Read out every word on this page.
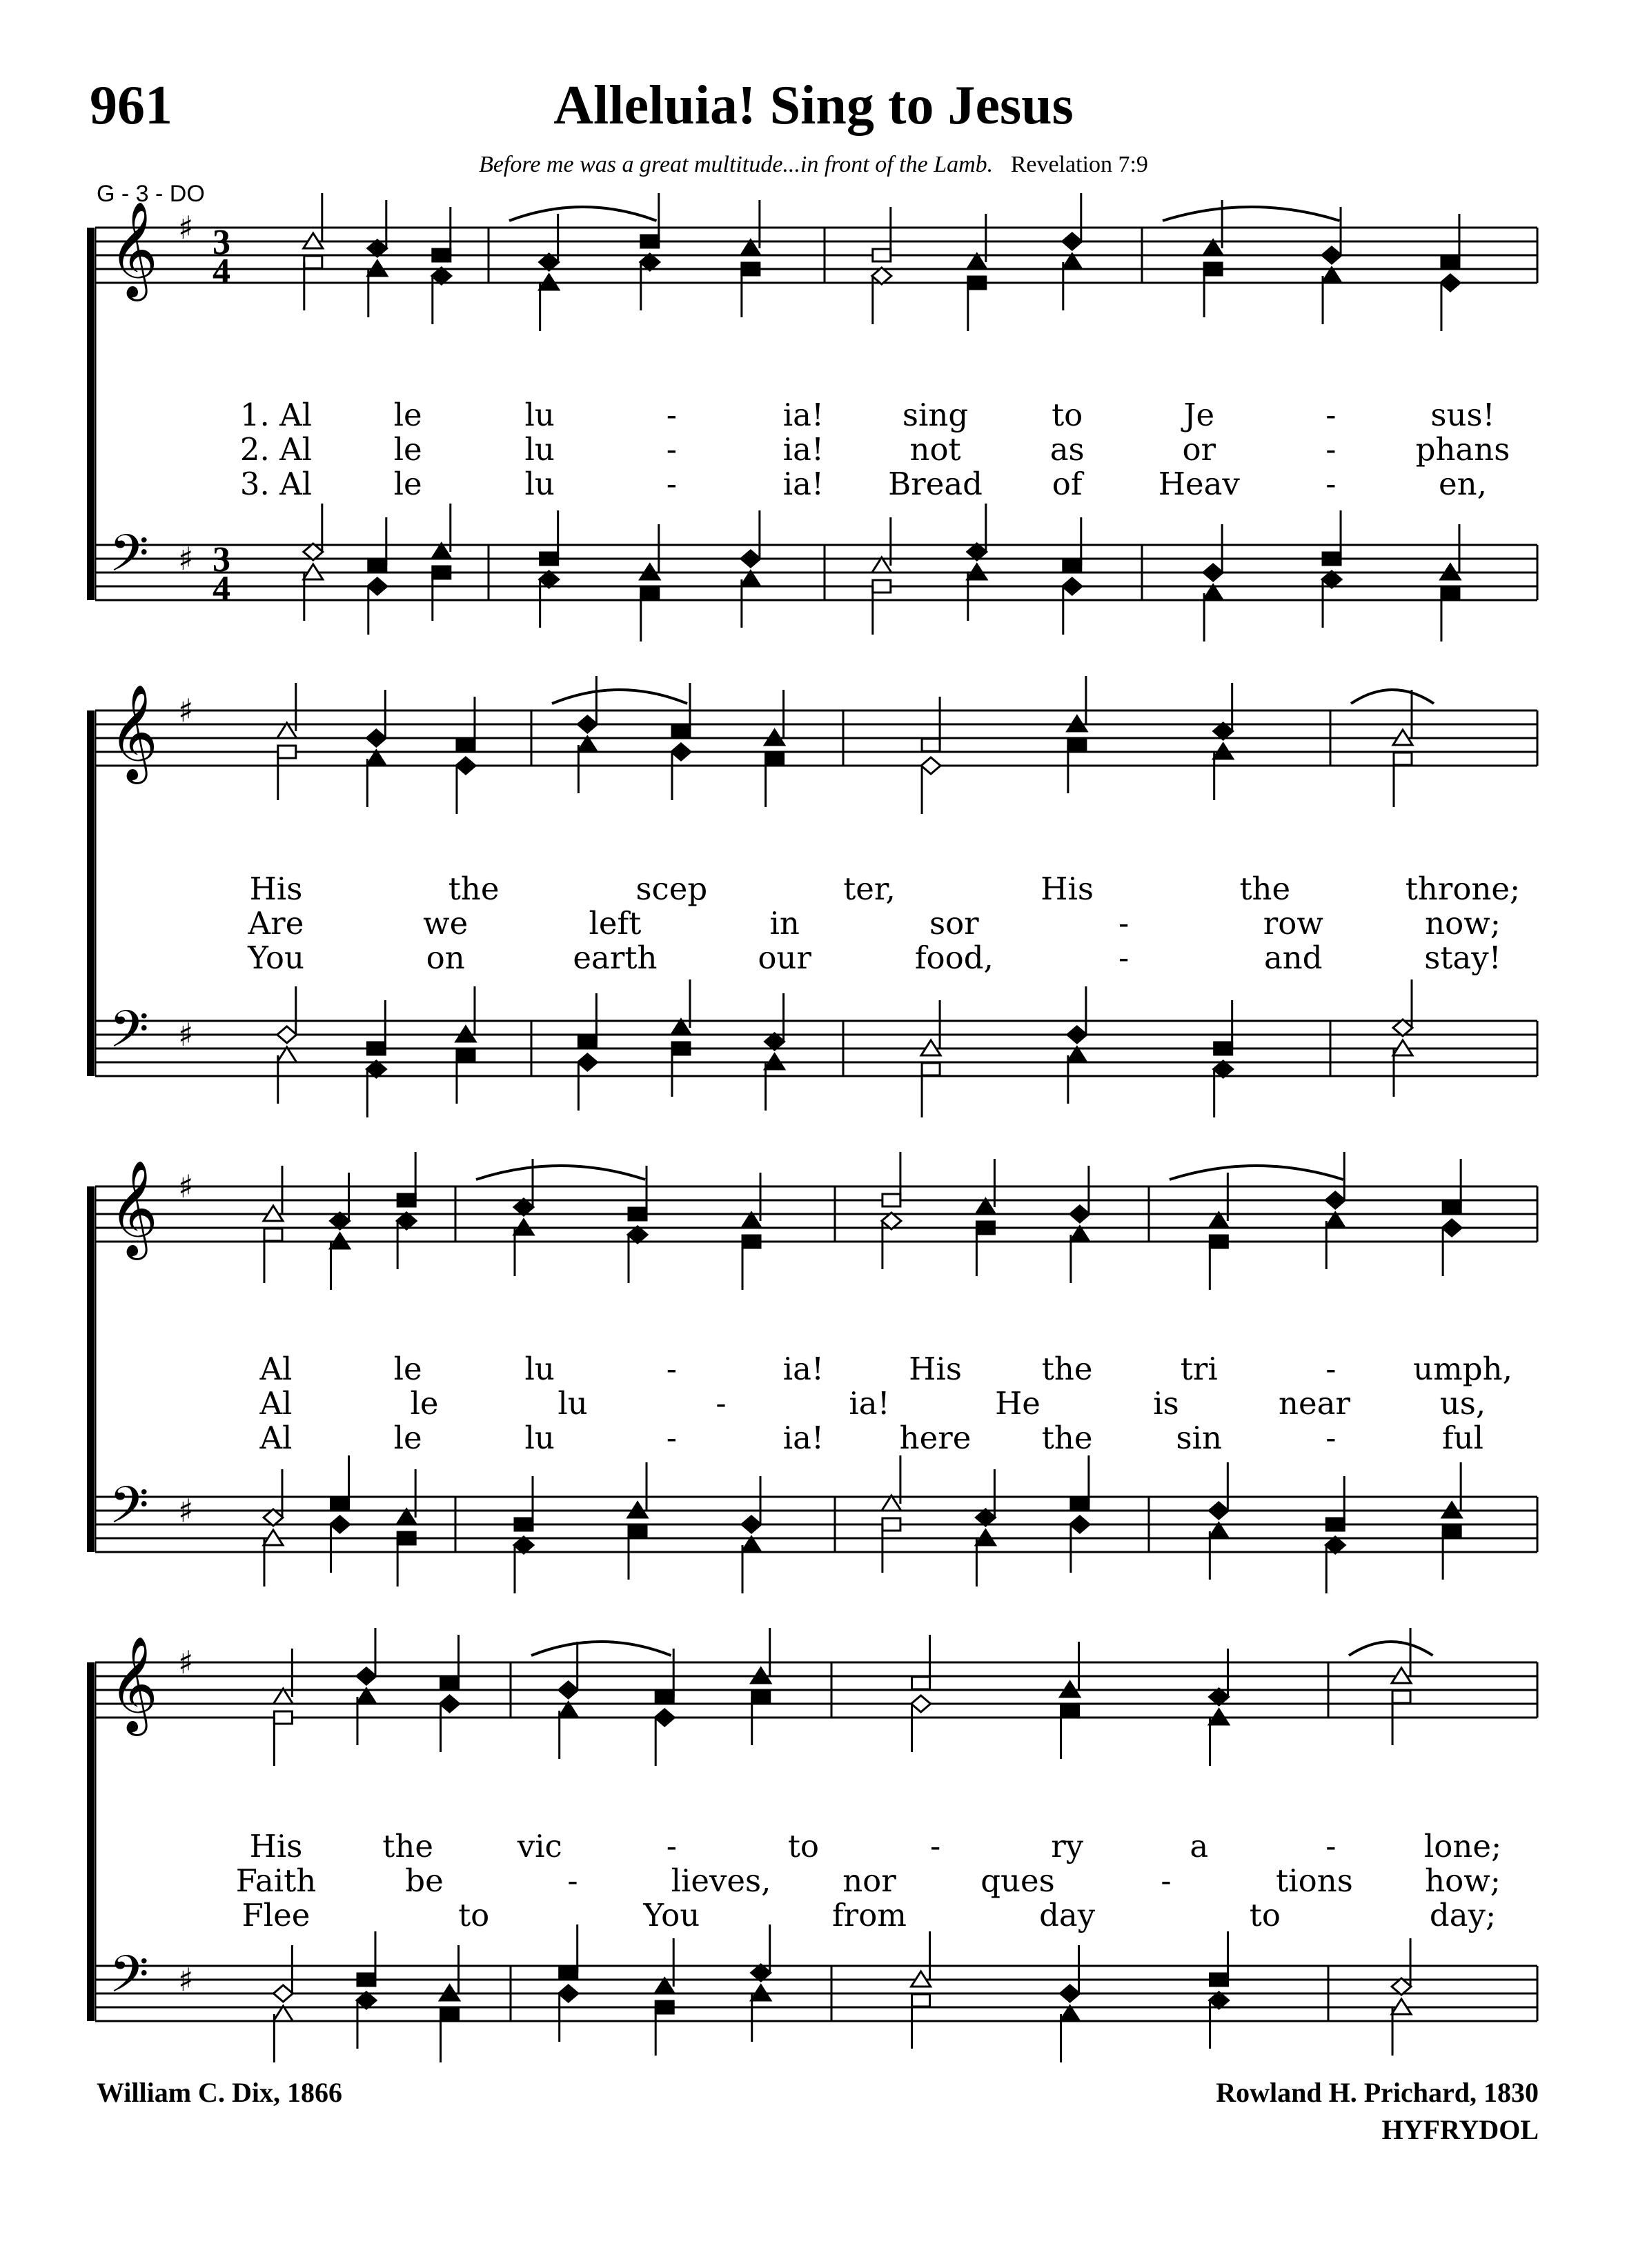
961	Alleluia! Sing to Jesus
Before me was a great multitude...in front of the Lamb. Revelation 7:9
G - 3 - DO
𝄞
𝄢
♯
♯
3
4
3
4
𝄞
𝄢
♯
♯
𝄞
𝄢
♯
♯
𝄞
𝄢
♯
♯
1. Al	le	lu	-	ia!	sing	to	Je	-	sus!
2. Al	le	lu	-	ia!	not	as	or	-	phans
3. Al	le	lu	-	ia! Bread of Heav	-	en,
His	the	scep	ter,	His	the	throne;
Are	we	left	in	sor	-	row	now;
You	on	earth	our	food,	-	and	stay!
Al	le	lu	-	ia!	His	the	tri	- umph,
Al	le	lu	-	ia!	He	is	near	us,
Al	le	lu	-	ia! here the	sin	-	ful
His	the	vic	-	to	-	ry	a	-	lone;
Faith	be	-	lieves, nor	ques	-	tions how;
Flee	to	You	from	day	to	day;
William C. Dix, 1866	Rowland H. Prichard, 1830
HYFRYDOL
